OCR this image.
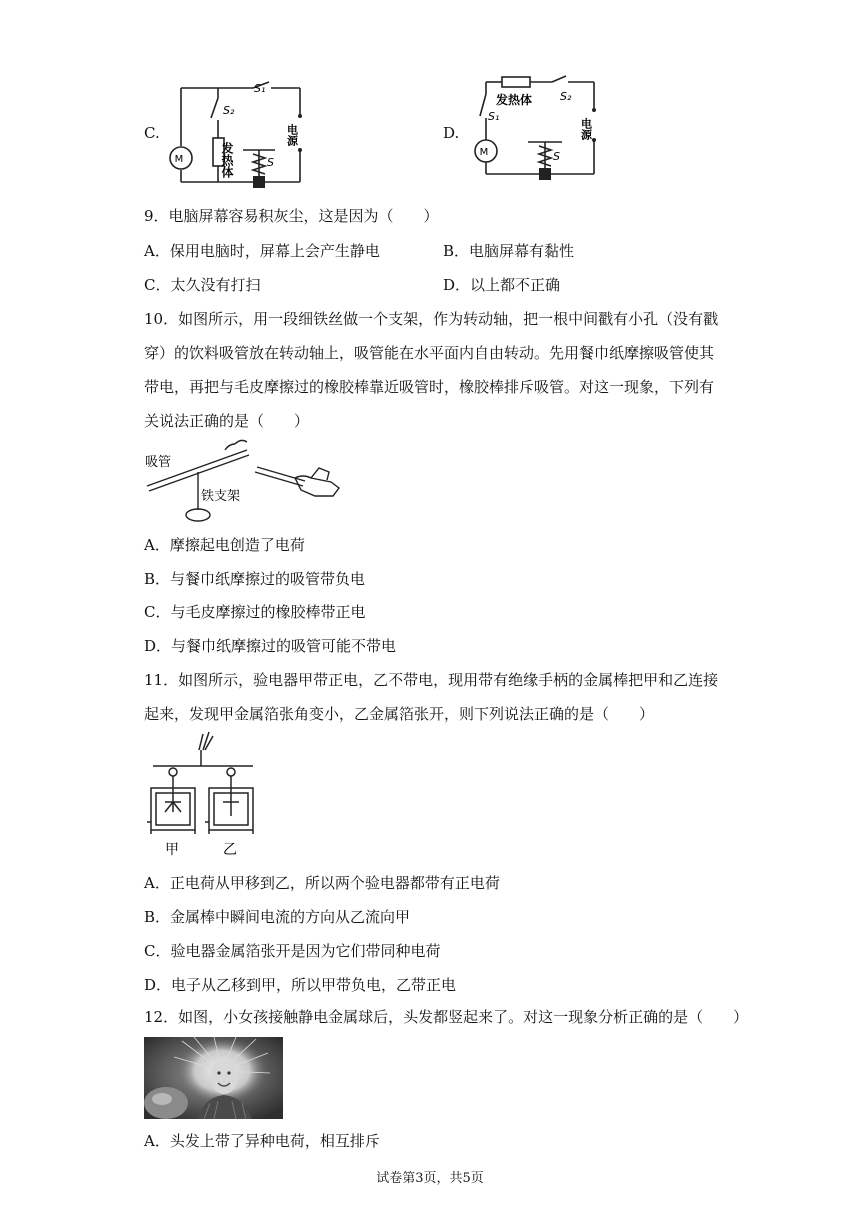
C.
S₁
S₂
M	发热体	S
电源	D.
发热体	S₂
S₁
M	S
电源
9．电脑屏幕容易积灰尘，这是因为（　　）
A．保用电脑时，屏幕上会产生静电	B．电脑屏幕有黏性
C．太久没有打扫	D．以上都不正确
10．如图所示，用一段细铁丝做一个支架，作为转动轴，把一根中间戳有小孔（没有戳
穿）的饮料吸管放在转动轴上，吸管能在水平面内自由转动。先用餐巾纸摩擦吸管使其
带电，再把与毛皮摩擦过的橡胶棒靠近吸管时，橡胶棒排斥吸管。对这一现象，下列有
关说法正确的是（　　）
吸管
铁支架
A．摩擦起电创造了电荷
B．与餐巾纸摩擦过的吸管带负电
C．与毛皮摩擦过的橡胶棒带正电
D．与餐巾纸摩擦过的吸管可能不带电
11．如图所示，验电器甲带正电，乙不带电，现用带有绝缘手柄的金属棒把甲和乙连接
起来，发现甲金属箔张角变小，乙金属箔张开，则下列说法正确的是（　　）
甲	乙
A．正电荷从甲移到乙，所以两个验电器都带有正电荷
B．金属棒中瞬间电流的方向从乙流向甲
C．验电器金属箔张开是因为它们带同种电荷
D．电子从乙移到甲，所以甲带负电，乙带正电
12．如图，小女孩接触静电金属球后，头发都竖起来了。对这一现象分析正确的是（　　）
A．头发上带了异种电荷，相互排斥
试卷第3页，共5页
